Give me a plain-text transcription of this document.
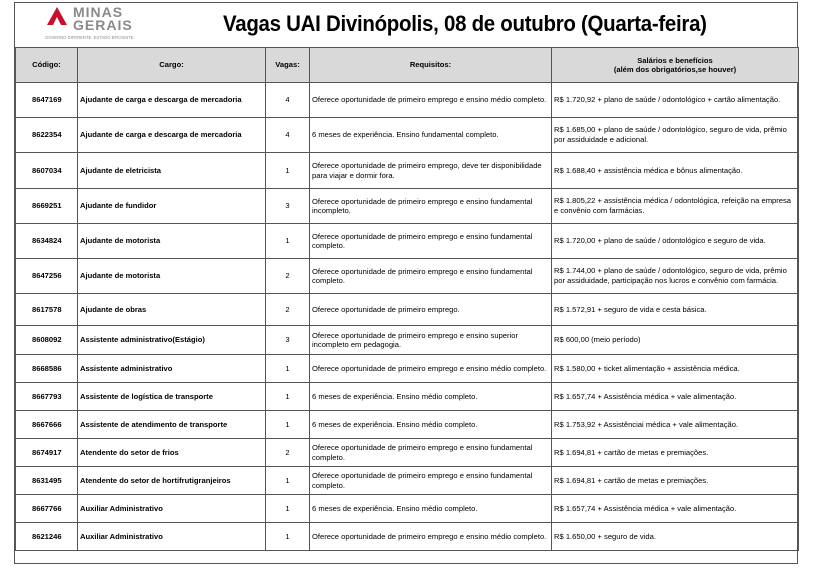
MINAS
GERAIS
GOVERNO DIFERENTE. ESTADO EFICIENTE.
Vagas UAI Divinópolis, 08 de outubro (Quarta-feira)
Código:	Cargo:	Vagas:	Requisitos:	Salários e benefícios
(além dos obrigatórios,se houver)

8647169	Ajudante de carga e descarga de mercadoria	4	Oferece oportunidade de primeiro emprego e ensino médio completo.	R$ 1.720,92 + plano de saúde / odontológico + cartão alimentação.
8622354	Ajudante de carga e descarga de mercadoria	4	6 meses de experiência. Ensino fundamental completo.	R$ 1.685,00 + plano de saúde / odontológico, seguro de vida, prêmio por assiduidade e adicional.
8607034	Ajudante de eletricista	1	Oferece oportunidade de primeiro emprego, deve ter disponibilidade para viajar e dormir fora.	R$ 1.688,40 + assistência médica e bônus alimentação.
8669251	Ajudante de fundidor	3	Oferece oportunidade de primeiro emprego e ensino fundamental incompleto.	R$ 1.805,22 + assistência médica / odontológica, refeição na empresa e convênio com farmácias.
8634824	Ajudante de motorista	1	Oferece oportunidade de primeiro emprego e ensino fundamental completo.	R$ 1.720,00 + plano de saúde / odontológico e seguro de vida.
8647256	Ajudante de motorista	2	Oferece oportunidade de primeiro emprego e ensino fundamental completo.	R$ 1.744,00 + plano de saúde / odontológico, seguro de vida, prêmio por assiduidade, participação nos lucros e convênio com farmácia.
8617578	Ajudante de obras	2	Oferece oportunidade de primeiro emprego.	R$ 1.572,91 + seguro de vida e cesta básica.
8608092	Assistente administrativo(Estágio)	3	Oferece oportunidade de primeiro emprego e ensino superior incompleto em pedagogia.	R$ 600,00 (meio período)
8668586	Assistente administrativo	1	Oferece oportunidade de primeiro emprego e ensino médio completo.	R$ 1.580,00 + ticket alimentação + assistência médica.
8667793	Assistente de logística de transporte	1	6 meses de experiência. Ensino médio completo.	R$ 1.657,74 + Assistência médica + vale alimentação.
8667666	Assistente de atendimento de transporte	1	6 meses de experiência. Ensino médio completo.	R$ 1.753,92 + Assistênciai médica + vale alimentação.
8674917	Atendente do setor de frios	2	Oferece oportunidade de primeiro emprego e ensino fundamental completo.	R$ 1.694,81 + cartão de metas e premiações.
8631495	Atendente do setor de hortifrutigranjeiros	1	Oferece oportunidade de primeiro emprego e ensino fundamental completo.	R$ 1.694,81 + cartão de metas e premiações.
8667766	Auxiliar Administrativo	1	6 meses de experiência. Ensino médio completo.	R$ 1.657,74 + Assistência médica + vale alimentação.
8621246	Auxiliar Administrativo	1	Oferece oportunidade de primeiro emprego e ensino médio completo.	R$ 1.650,00 + seguro de vida.
